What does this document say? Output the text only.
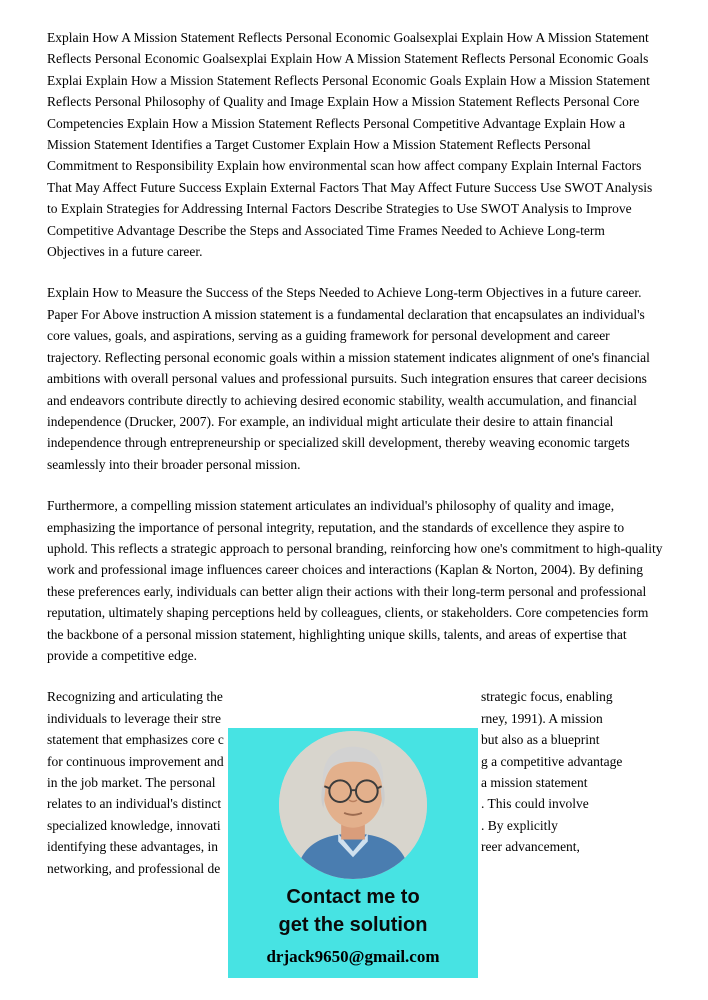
Explain How A Mission Statement Reflects Personal Economic Goalsexplai Explain How A Mission Statement Reflects Personal Economic Goalsexplai Explain How A Mission Statement Reflects Personal Economic Goals Explai Explain How a Mission Statement Reflects Personal Economic Goals Explain How a Mission Statement Reflects Personal Philosophy of Quality and Image Explain How a Mission Statement Reflects Personal Core Competencies Explain How a Mission Statement Reflects Personal Competitive Advantage Explain How a Mission Statement Identifies a Target Customer Explain How a Mission Statement Reflects Personal Commitment to Responsibility Explain how environmental scan how affect company Explain Internal Factors That May Affect Future Success Explain External Factors That May Affect Future Success Use SWOT Analysis to Explain Strategies for Addressing Internal Factors Describe Strategies to Use SWOT Analysis to Improve Competitive Advantage Describe the Steps and Associated Time Frames Needed to Achieve Long-term Objectives in a future career.

Explain How to Measure the Success of the Steps Needed to Achieve Long-term Objectives in a future career. Paper For Above instruction A mission statement is a fundamental declaration that encapsulates an individual's core values, goals, and aspirations, serving as a guiding framework for personal development and career trajectory. Reflecting personal economic goals within a mission statement indicates alignment of one's financial ambitions with overall personal values and professional pursuits. Such integration ensures that career decisions and endeavors contribute directly to achieving desired economic stability, wealth accumulation, and financial independence (Drucker, 2007). For example, an individual might articulate their desire to attain financial independence through entrepreneurship or specialized skill development, thereby weaving economic targets seamlessly into their broader personal mission.

Furthermore, a compelling mission statement articulates an individual's philosophy of quality and image, emphasizing the importance of personal integrity, reputation, and the standards of excellence they aspire to uphold. This reflects a strategic approach to personal branding, reinforcing how one's commitment to high-quality work and professional image influences career choices and interactions (Kaplan & Norton, 2004). By defining these preferences early, individuals can better align their actions with their long-term personal and professional reputation, ultimately shaping perceptions held by colleagues, clients, or stakeholders. Core competencies form the backbone of a personal mission statement, highlighting unique skills, talents, and areas of expertise that provide a competitive edge.

Recognizing and articulating the	strategic focus, enabling
individuals to leverage their stre	rney, 1991). A mission
statement that emphasizes core c	but also as a blueprint
for continuous improvement and	g a competitive advantage
in the job market. The personal	a mission statement
relates to an individual's distinct	. This could involve
specialized knowledge, innovati	. By explicitly
identifying these advantages, in	reer advancement,
networking, and professional de
Contact me to
get the solution
drjack9650@gmail.com
